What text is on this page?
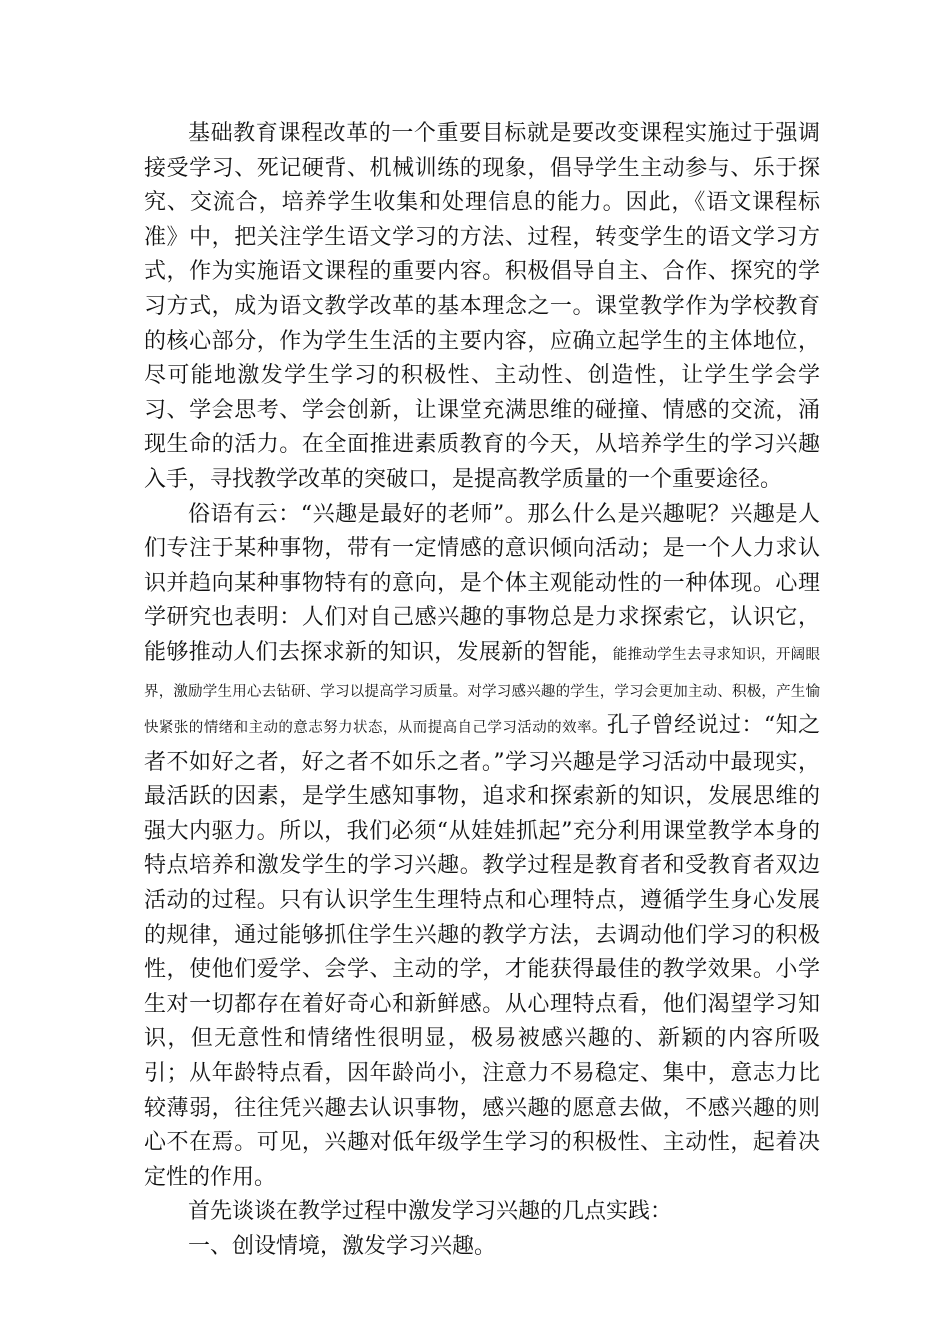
基础教育课程改革的一个重要目标就是要改变课程实施过于强调接受学习、死记硬背、机械训练的现象，倡导学生主动参与、乐于探究、交流合，培养学生收集和处理信息的能力。因此，《语文课程标准》中，把关注学生语文学习的方法、过程，转变学生的语文学习方式，作为实施语文课程的重要内容。积极倡导自主、合作、探究的学习方式，成为语文教学改革的基本理念之一。课堂教学作为学校教育的核心部分，作为学生生活的主要内容，应确立起学生的主体地位，尽可能地激发学生学习的积极性、主动性、创造性，让学生学会学习、学会思考、学会创新，让课堂充满思维的碰撞、情感的交流，涌现生命的活力。在全面推进素质教育的今天，从培养学生的学习兴趣入手，寻找教学改革的突破口，是提高教学质量的一个重要途径。

俗语有云：“兴趣是最好的老师”。那么什么是兴趣呢？兴趣是人们专注于某种事物，带有一定情感的意识倾向活动；是一个人力求认识并趋向某种事物特有的意向，是个体主观能动性的一种体现。心理学研究也表明：人们对自己感兴趣的事物总是力求探索它，认识它，能够推动人们去探求新的知识，发展新的智能，能推动学生去寻求知识，开阔眼界，激励学生用心去钻研、学习以提高学习质量。对学习感兴趣的学生，学习会更加主动、积极，产生愉快紧张的情绪和主动的意志努力状态，从而提高自己学习活动的效率。孔子曾经说过：“知之者不如好之者，好之者不如乐之者。”学习兴趣是学习活动中最现实，最活跃的因素，是学生感知事物，追求和探索新的知识，发展思维的强大内驱力。所以，我们必须“从娃娃抓起”充分利用课堂教学本身的特点培养和激发学生的学习兴趣。教学过程是教育者和受教育者双边活动的过程。只有认识学生生理特点和心理特点，遵循学生身心发展的规律，通过能够抓住学生兴趣的教学方法，去调动他们学习的积极性，使他们爱学、会学、主动的学，才能获得最佳的教学效果。小学生对一切都存在着好奇心和新鲜感。从心理特点看，他们渴望学习知识，但无意性和情绪性很明显，极易被感兴趣的、新颖的内容所吸引；从年龄特点看，因年龄尚小，注意力不易稳定、集中，意志力比较薄弱，往往凭兴趣去认识事物，感兴趣的愿意去做，不感兴趣的则心不在焉。可见，兴趣对低年级学生学习的积极性、主动性，起着决定性的作用。

首先谈谈在教学过程中激发学习兴趣的几点实践：

一、创设情境，激发学习兴趣。
